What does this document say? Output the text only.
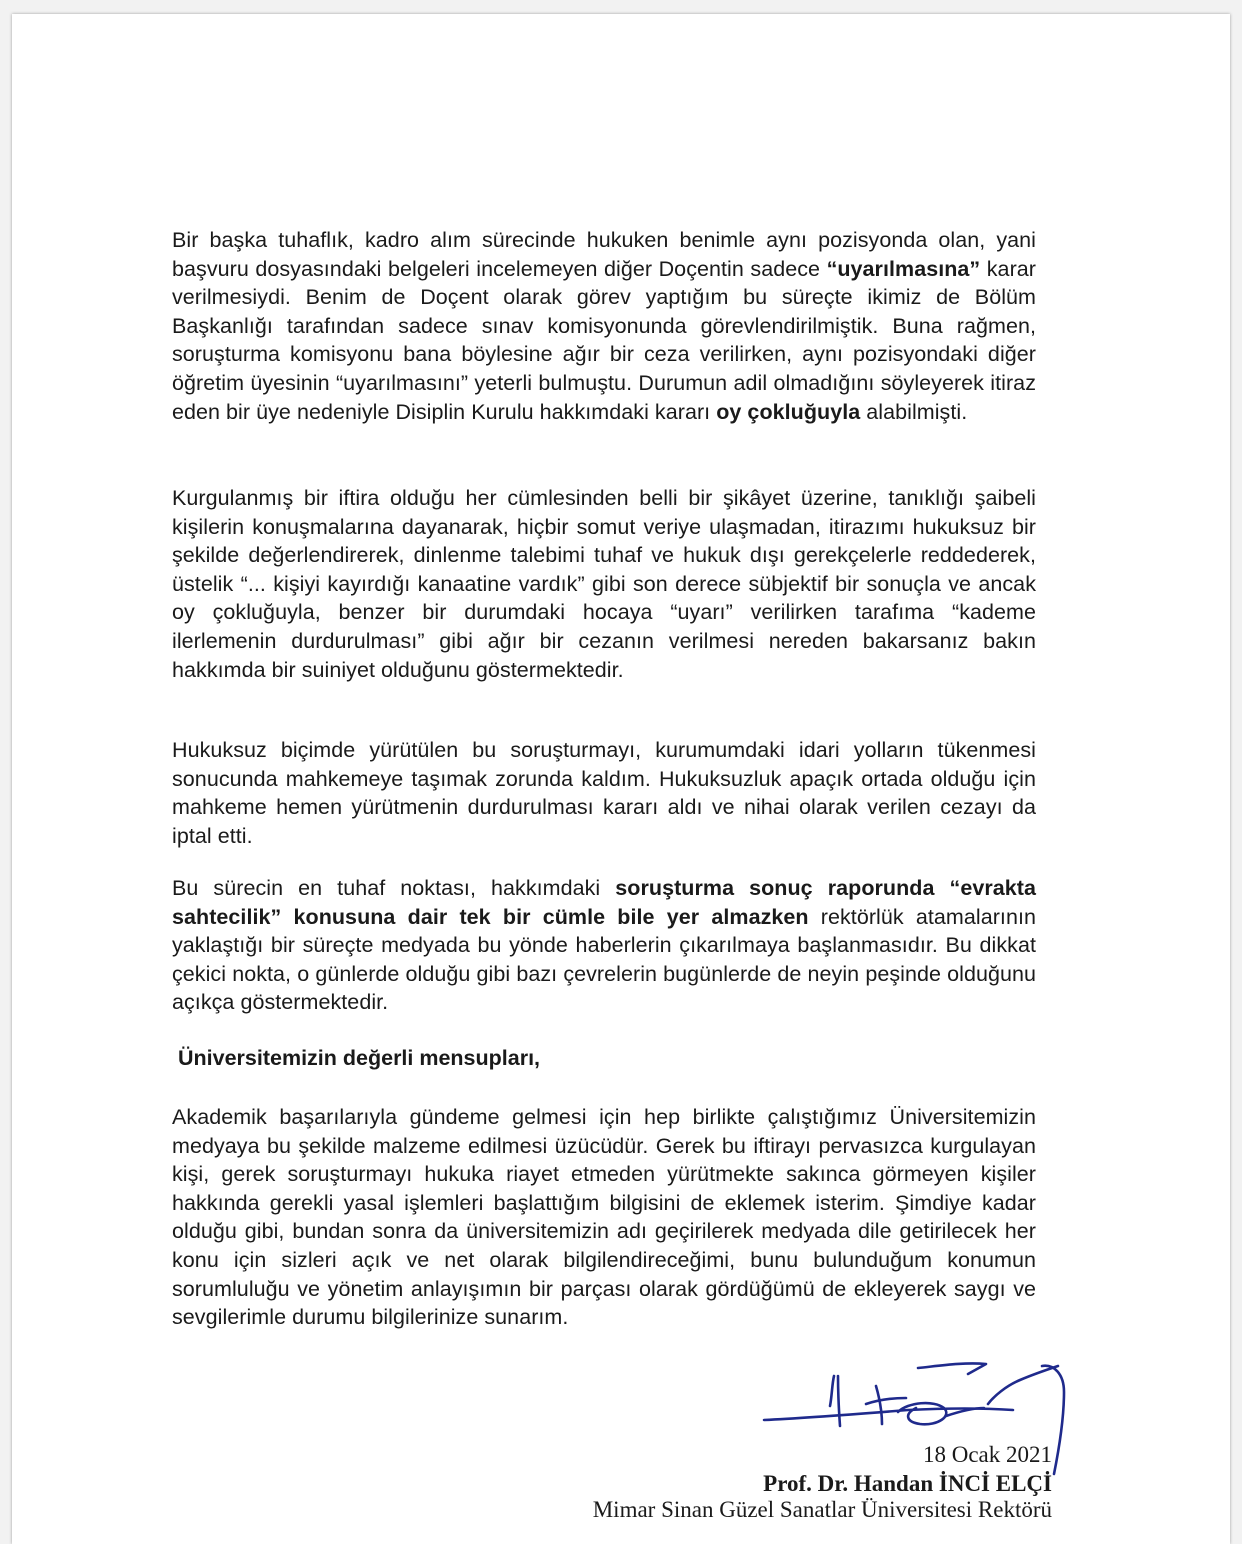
Bir başka tuhaflık, kadro alım sürecinde hukuken benimle aynı pozisyonda olan, yani başvuru dosyasındaki belgeleri incelemeyen diğer Doçentin sadece “uyarılmasına” karar verilmesiydi. Benim de Doçent olarak görev yaptığım bu süreçte ikimiz de Bölüm Başkanlığı tarafından sadece sınav komisyonunda görevlendirilmiştik. Buna rağmen, soruşturma komisyonu bana böylesine ağır bir ceza verilirken, aynı pozisyondaki diğer öğretim üyesinin “uyarılmasını” yeterli bulmuştu. Durumun adil olmadığını söyleyerek itiraz eden bir üye nedeniyle Disiplin Kurulu hakkımdaki kararı oy çokluğuyla alabilmişti.

Kurgulanmış bir iftira olduğu her cümlesinden belli bir şikâyet üzerine, tanıklığı şaibeli kişilerin konuşmalarına dayanarak, hiçbir somut veriye ulaşmadan, itirazımı hukuksuz bir şekilde değerlendirerek, dinlenme talebimi tuhaf ve hukuk dışı gerekçelerle reddederek, üstelik “... kişiyi kayırdığı kanaatine vardık” gibi son derece sübjektif bir sonuçla ve ancak oy çokluğuyla, benzer bir durumdaki hocaya “uyarı” verilirken tarafıma “kademe ilerlemenin durdurulması” gibi ağır bir cezanın verilmesi nereden bakarsanız bakın hakkımda bir suiniyet olduğunu göstermektedir.

Hukuksuz biçimde yürütülen bu soruşturmayı, kurumumdaki idari yolların tükenmesi sonucunda mahkemeye taşımak zorunda kaldım. Hukuksuzluk apaçık ortada olduğu için mahkeme hemen yürütmenin durdurulması kararı aldı ve nihai olarak verilen cezayı da iptal etti.

Bu sürecin en tuhaf noktası, hakkımdaki soruşturma sonuç raporunda “evrakta sahtecilik” konusuna dair tek bir cümle bile yer almazken rektörlük atamalarının yaklaştığı bir süreçte medyada bu yönde haberlerin çıkarılmaya başlanmasıdır. Bu dikkat çekici nokta, o günlerde olduğu gibi bazı çevrelerin bugünlerde de neyin peşinde olduğunu açıkça göstermektedir.

Üniversitemizin değerli mensupları,

Akademik başarılarıyla gündeme gelmesi için hep birlikte çalıştığımız Üniversitemizin medyaya bu şekilde malzeme edilmesi üzücüdür. Gerek bu iftirayı pervasızca kurgulayan kişi, gerek soruşturmayı hukuka riayet etmeden yürütmekte sakınca görmeyen kişiler hakkında gerekli yasal işlemleri başlattığım bilgisini de eklemek isterim. Şimdiye kadar olduğu gibi, bundan sonra da üniversitemizin adı geçirilerek medyada dile getirilecek her konu için sizleri açık ve net olarak bilgilendireceğimi, bunu bulunduğum konumun sorumluluğu ve yönetim anlayışımın bir parçası olarak gördüğümü de ekleyerek saygı ve sevgilerimle durumu bilgilerinize sunarım.

18 Ocak 2021
Prof. Dr. Handan İNCİ ELÇİ
Mimar Sinan Güzel Sanatlar Üniversitesi Rektörü
